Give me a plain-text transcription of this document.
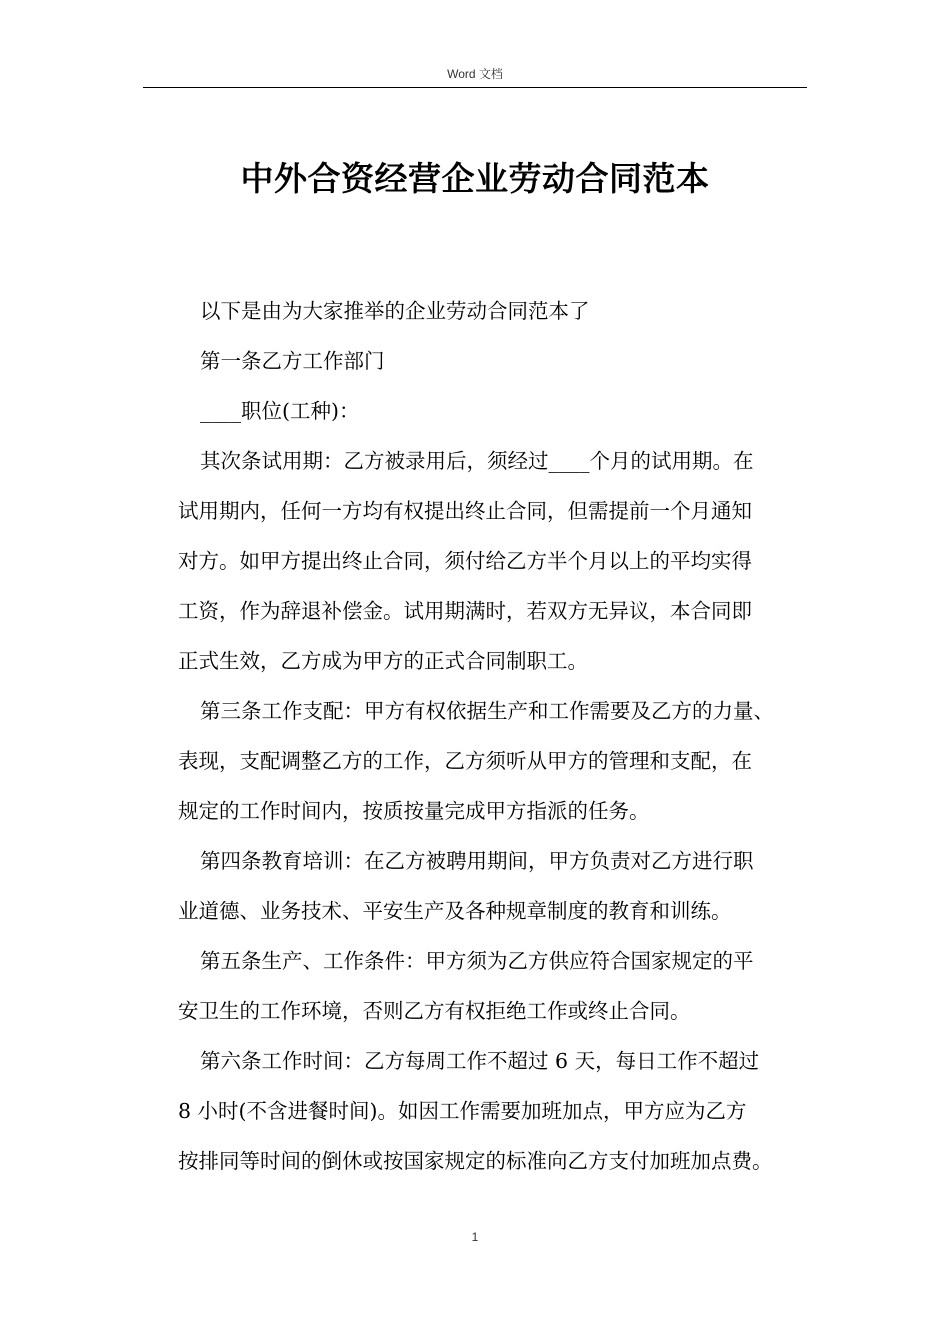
Word 文档
中外合资经营企业劳动合同范本
以下是由为大家推举的企业劳动合同范本了
第一条乙方工作部门
____职位(工种)：
其次条试用期：乙方被录用后，须经过____个月的试用期。在
试用期内，任何一方均有权提出终止合同，但需提前一个月通知
对方。如甲方提出终止合同，须付给乙方半个月以上的平均实得
工资，作为辞退补偿金。试用期满时，若双方无异议，本合同即
正式生效，乙方成为甲方的正式合同制职工。
第三条工作支配：甲方有权依据生产和工作需要及乙方的力量、
表现，支配调整乙方的工作，乙方须听从甲方的管理和支配，在
规定的工作时间内，按质按量完成甲方指派的任务。
第四条教育培训：在乙方被聘用期间，甲方负责对乙方进行职
业道德、业务技术、平安生产及各种规章制度的教育和训练。
第五条生产、工作条件：甲方须为乙方供应符合国家规定的平
安卫生的工作环境，否则乙方有权拒绝工作或终止合同。
第六条工作时间：乙方每周工作不超过 6 天，每日工作不超过
8 小时(不含进餐时间)。如因工作需要加班加点，甲方应为乙方
按排同等时间的倒休或按国家规定的标准向乙方支付加班加点费。
1
